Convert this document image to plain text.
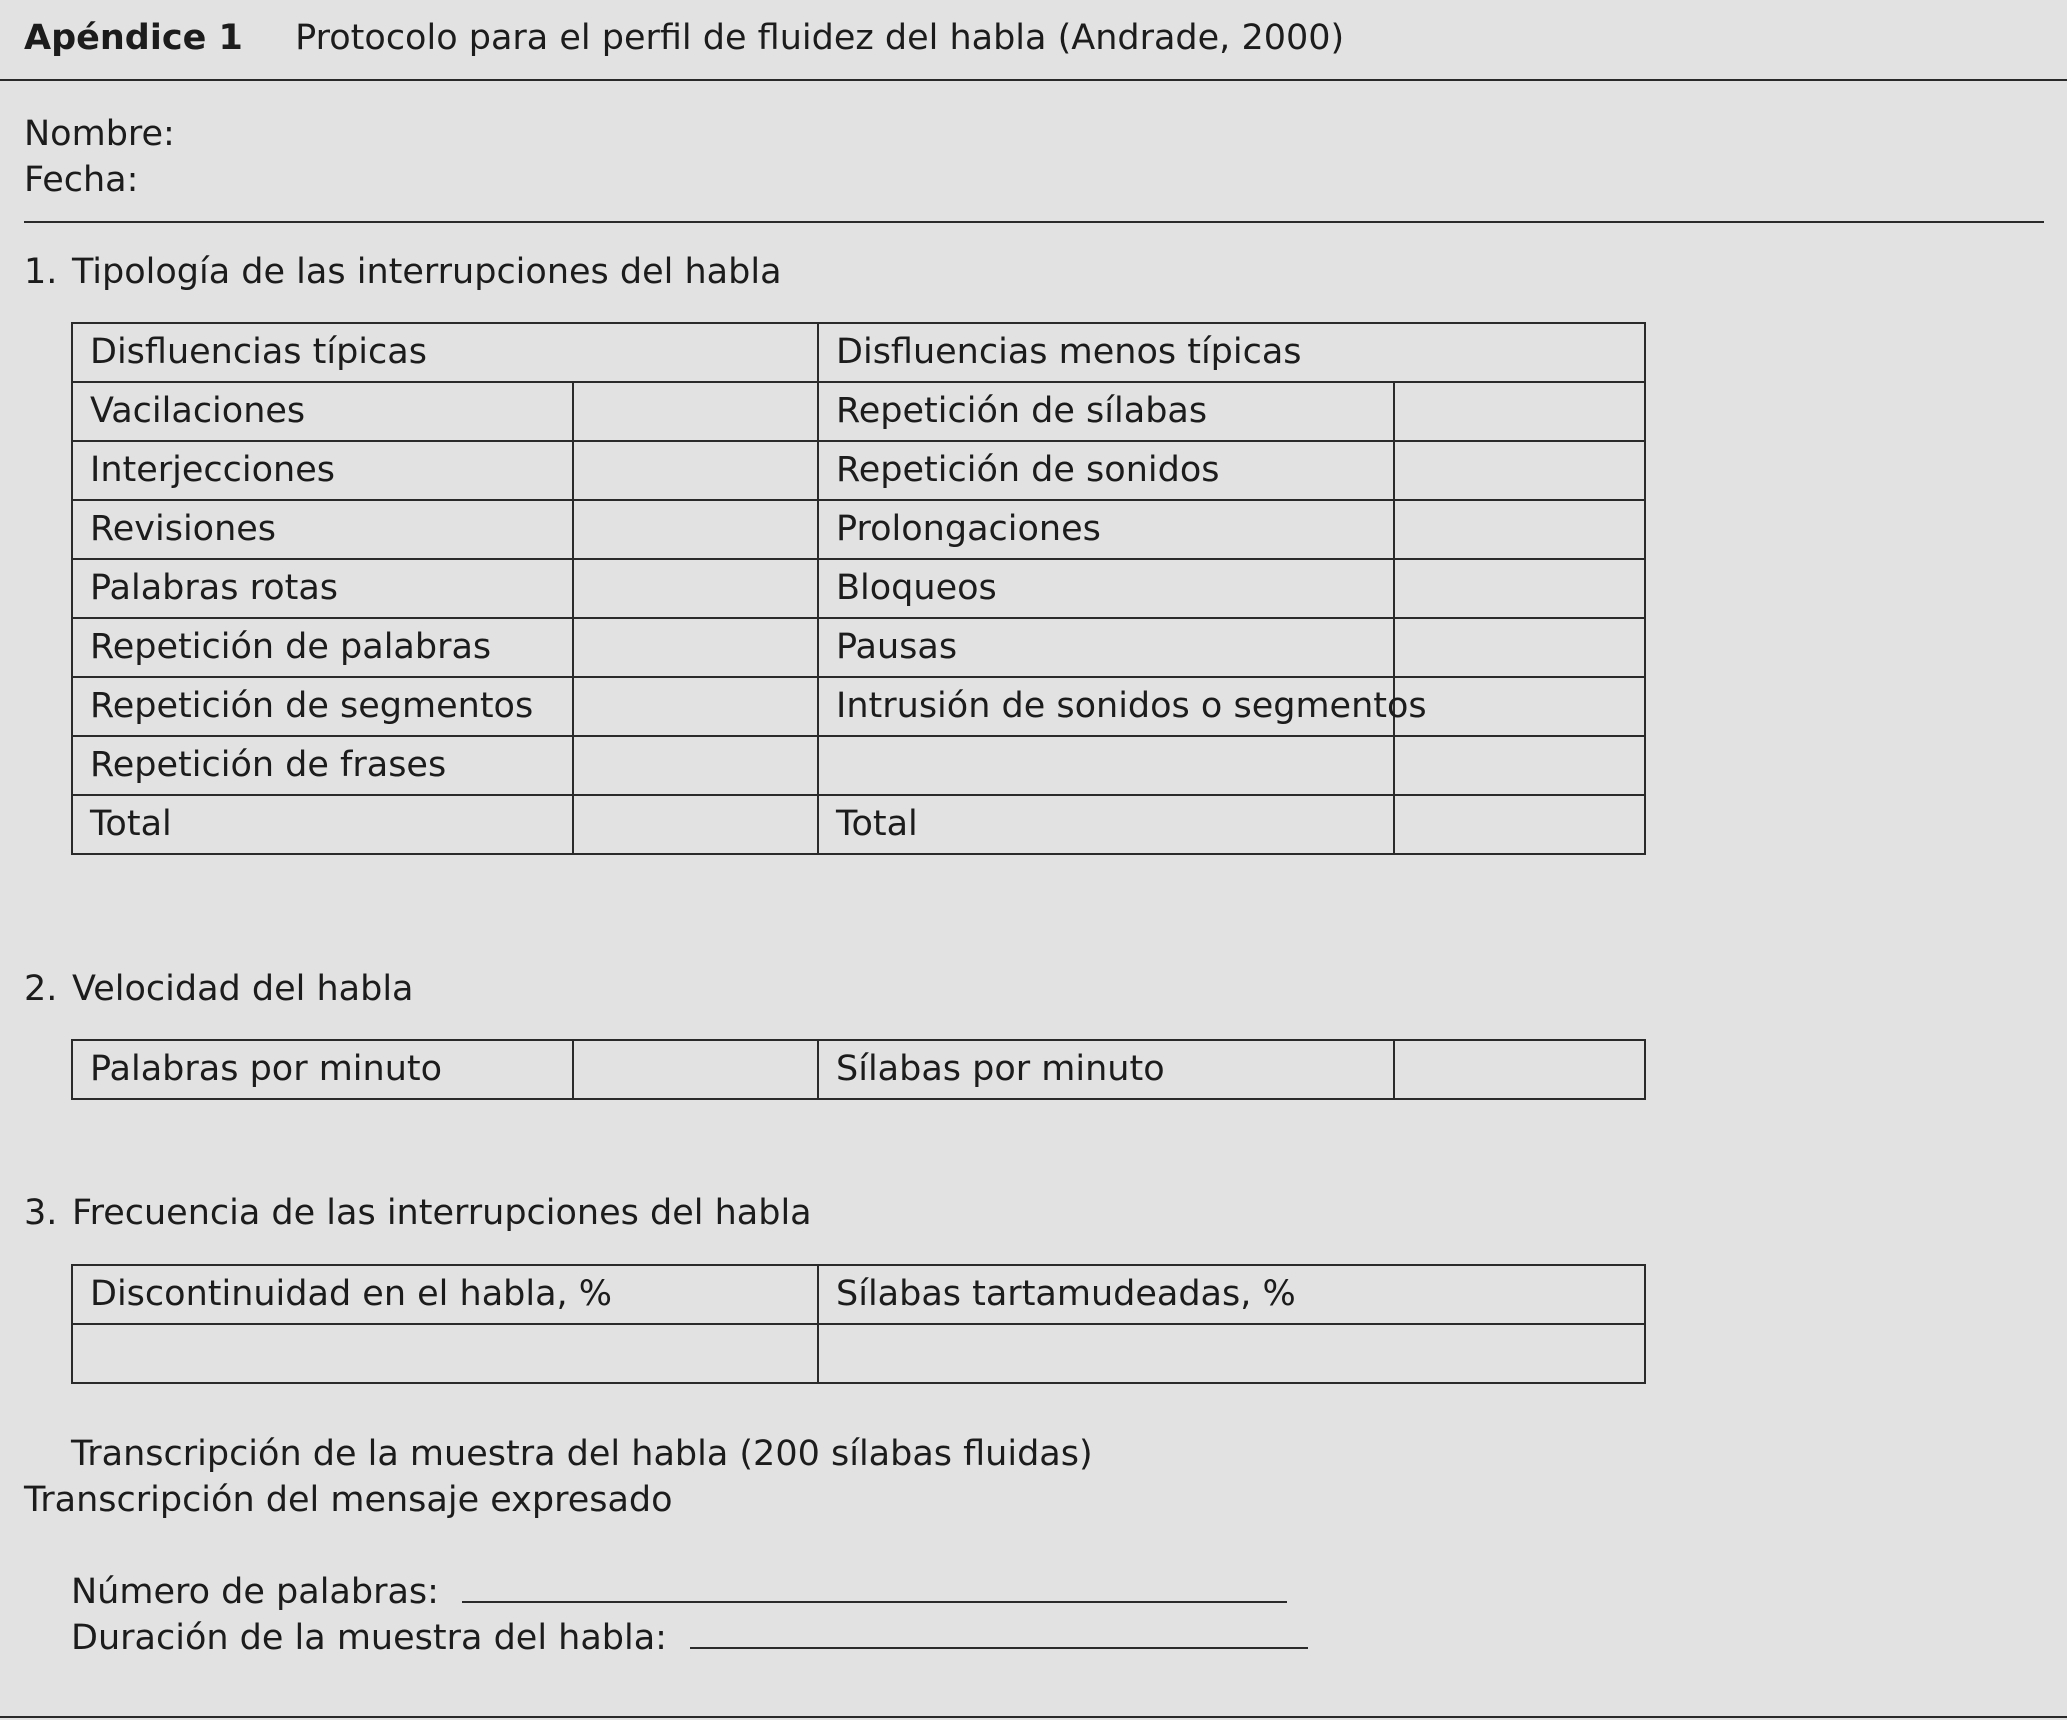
Apéndice 1 Protocolo para el perfil de fluidez del habla (Andrade, 2000)
Nombre:
Fecha:
1. Tipología de las interrupciones del habla
Disfluencias típicas		Disfluencias menos típicas	
Vacilaciones		Repetición de sílabas	
Interjecciones		Repetición de sonidos	
Revisiones		Prolongaciones	
Palabras rotas		Bloqueos	
Repetición de palabras		Pausas	
Repetición de segmentos		Intrusión de sonidos o segmentos	
Repetición de frases			
Total		Total	
2. Velocidad del habla
Palabras por minuto		Sílabas por minuto	
3. Frecuencia de las interrupciones del habla
Discontinuidad en el habla, %	Sílabas tartamudeadas, %

Transcripción de la muestra del habla (200 sílabas fluidas)
Transcripción del mensaje expresado
Número de palabras:
Duración de la muestra del habla:
